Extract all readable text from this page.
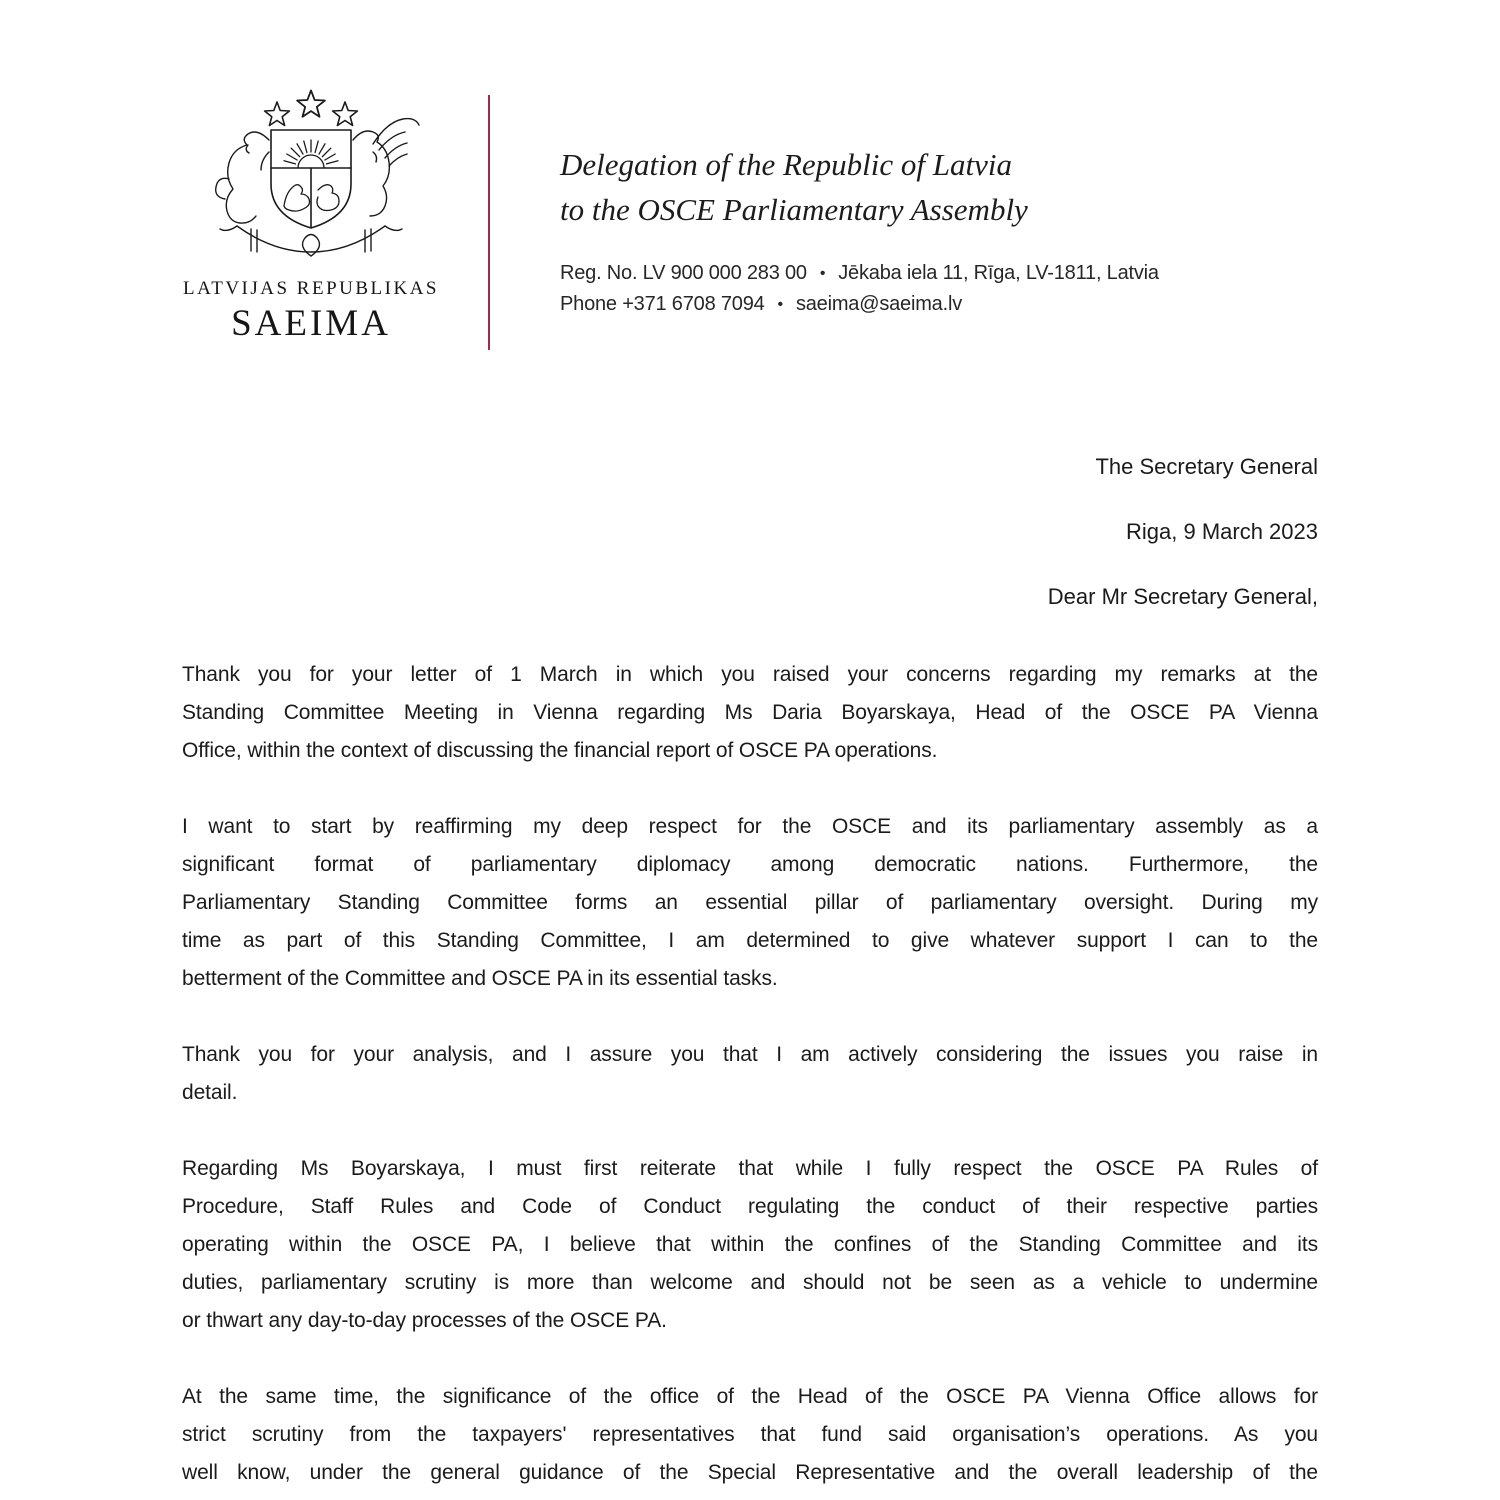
LATVIJAS REPUBLIKAS
SAEIMA
Delegation of the Republic of Latvia
to the OSCE Parliamentary Assembly
Reg. No. LV 900 000 283 00 • Jēkaba iela 11, Rīga, LV-1811, Latvia
Phone +371 6708 7094 • saeima@saeima.lv
The Secretary General
Riga, 9 March 2023
Dear Mr Secretary General,
Thank you for your letter of 1 March in which you raised your concerns regarding my remarks at the
Standing Committee Meeting in Vienna regarding Ms Daria Boyarskaya, Head of the OSCE PA Vienna
Office, within the context of discussing the financial report of OSCE PA operations.
I want to start by reaffirming my deep respect for the OSCE and its parliamentary assembly as a
significant format of parliamentary diplomacy among democratic nations. Furthermore, the
Parliamentary Standing Committee forms an essential pillar of parliamentary oversight. During my
time as part of this Standing Committee, I am determined to give whatever support I can to the
betterment of the Committee and OSCE PA in its essential tasks.
Thank you for your analysis, and I assure you that I am actively considering the issues you raise in
detail.
Regarding Ms Boyarskaya, I must first reiterate that while I fully respect the OSCE PA Rules of
Procedure, Staff Rules and Code of Conduct regulating the conduct of their respective parties
operating within the OSCE PA, I believe that within the confines of the Standing Committee and its
duties, parliamentary scrutiny is more than welcome and should not be seen as a vehicle to undermine
or thwart any day-to-day processes of the OSCE PA.
At the same time, the significance of the office of the Head of the OSCE PA Vienna Office allows for
strict scrutiny from the taxpayers' representatives that fund said organisation’s operations. As you
well know, under the general guidance of the Special Representative and the overall leadership of the
